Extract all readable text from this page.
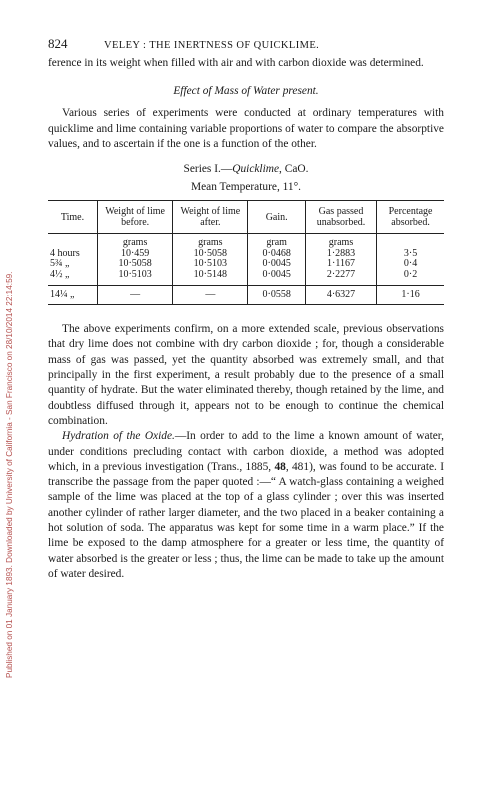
Published on 01 January 1893. Downloaded by University of California - San Francisco on 28/10/2014 22:14:59.
824	VELEY : THE INERTNESS OF QUICKLIME.

ference in its weight when filled with air and with carbon dioxide was determined.

Effect of Mass of Water present.

Various series of experiments were conducted at ordinary temperatures with quicklime and lime containing variable proportions of water to compare the absorptive values, and to ascertain if the one is a function of the other.

Series I.—Quicklime, CaO.
Mean Temperature, 11°.
Time.	Weight of lime before.	Weight of lime after.	Gain.	Gas passed unabsorbed.	Percentage absorbed.
	grams	grams	gram	grams	
4 hours	10·459	10·5058	0·0468	1·2883	3·5
5¾ „	10·5058	10·5103	0·0045	1·1167	0·4
4½ „	10·5103	10·5148	0·0045	2·2277	0·2
14¼ „	—	—	0·0558	4·6327	1·16

The above experiments confirm, on a more extended scale, previous observations that dry lime does not combine with dry carbon dioxide ; for, though a considerable mass of gas was passed, yet the quantity absorbed was extremely small, and that principally in the first experiment, a result probably due to the presence of a small quantity of hydrate. But the water eliminated thereby, though retained by the lime, and doubtless diffused through it, appears not to be enough to continue the chemical combination.

Hydration of the Oxide.—In order to add to the lime a known amount of water, under conditions precluding contact with carbon dioxide, a method was adopted which, in a previous investigation (Trans., 1885, 48, 481), was found to be accurate. I transcribe the passage from the paper quoted :—“ A watch-glass containing a weighed sample of the lime was placed at the top of a glass cylinder ; over this was inserted another cylinder of rather larger diameter, and the two placed in a beaker containing a hot solution of soda. The apparatus was kept for some time in a warm place.” If the lime be exposed to the damp atmosphere for a greater or less time, the quantity of water absorbed is the greater or less ; thus, the lime can be made to take up the amount of water desired.
